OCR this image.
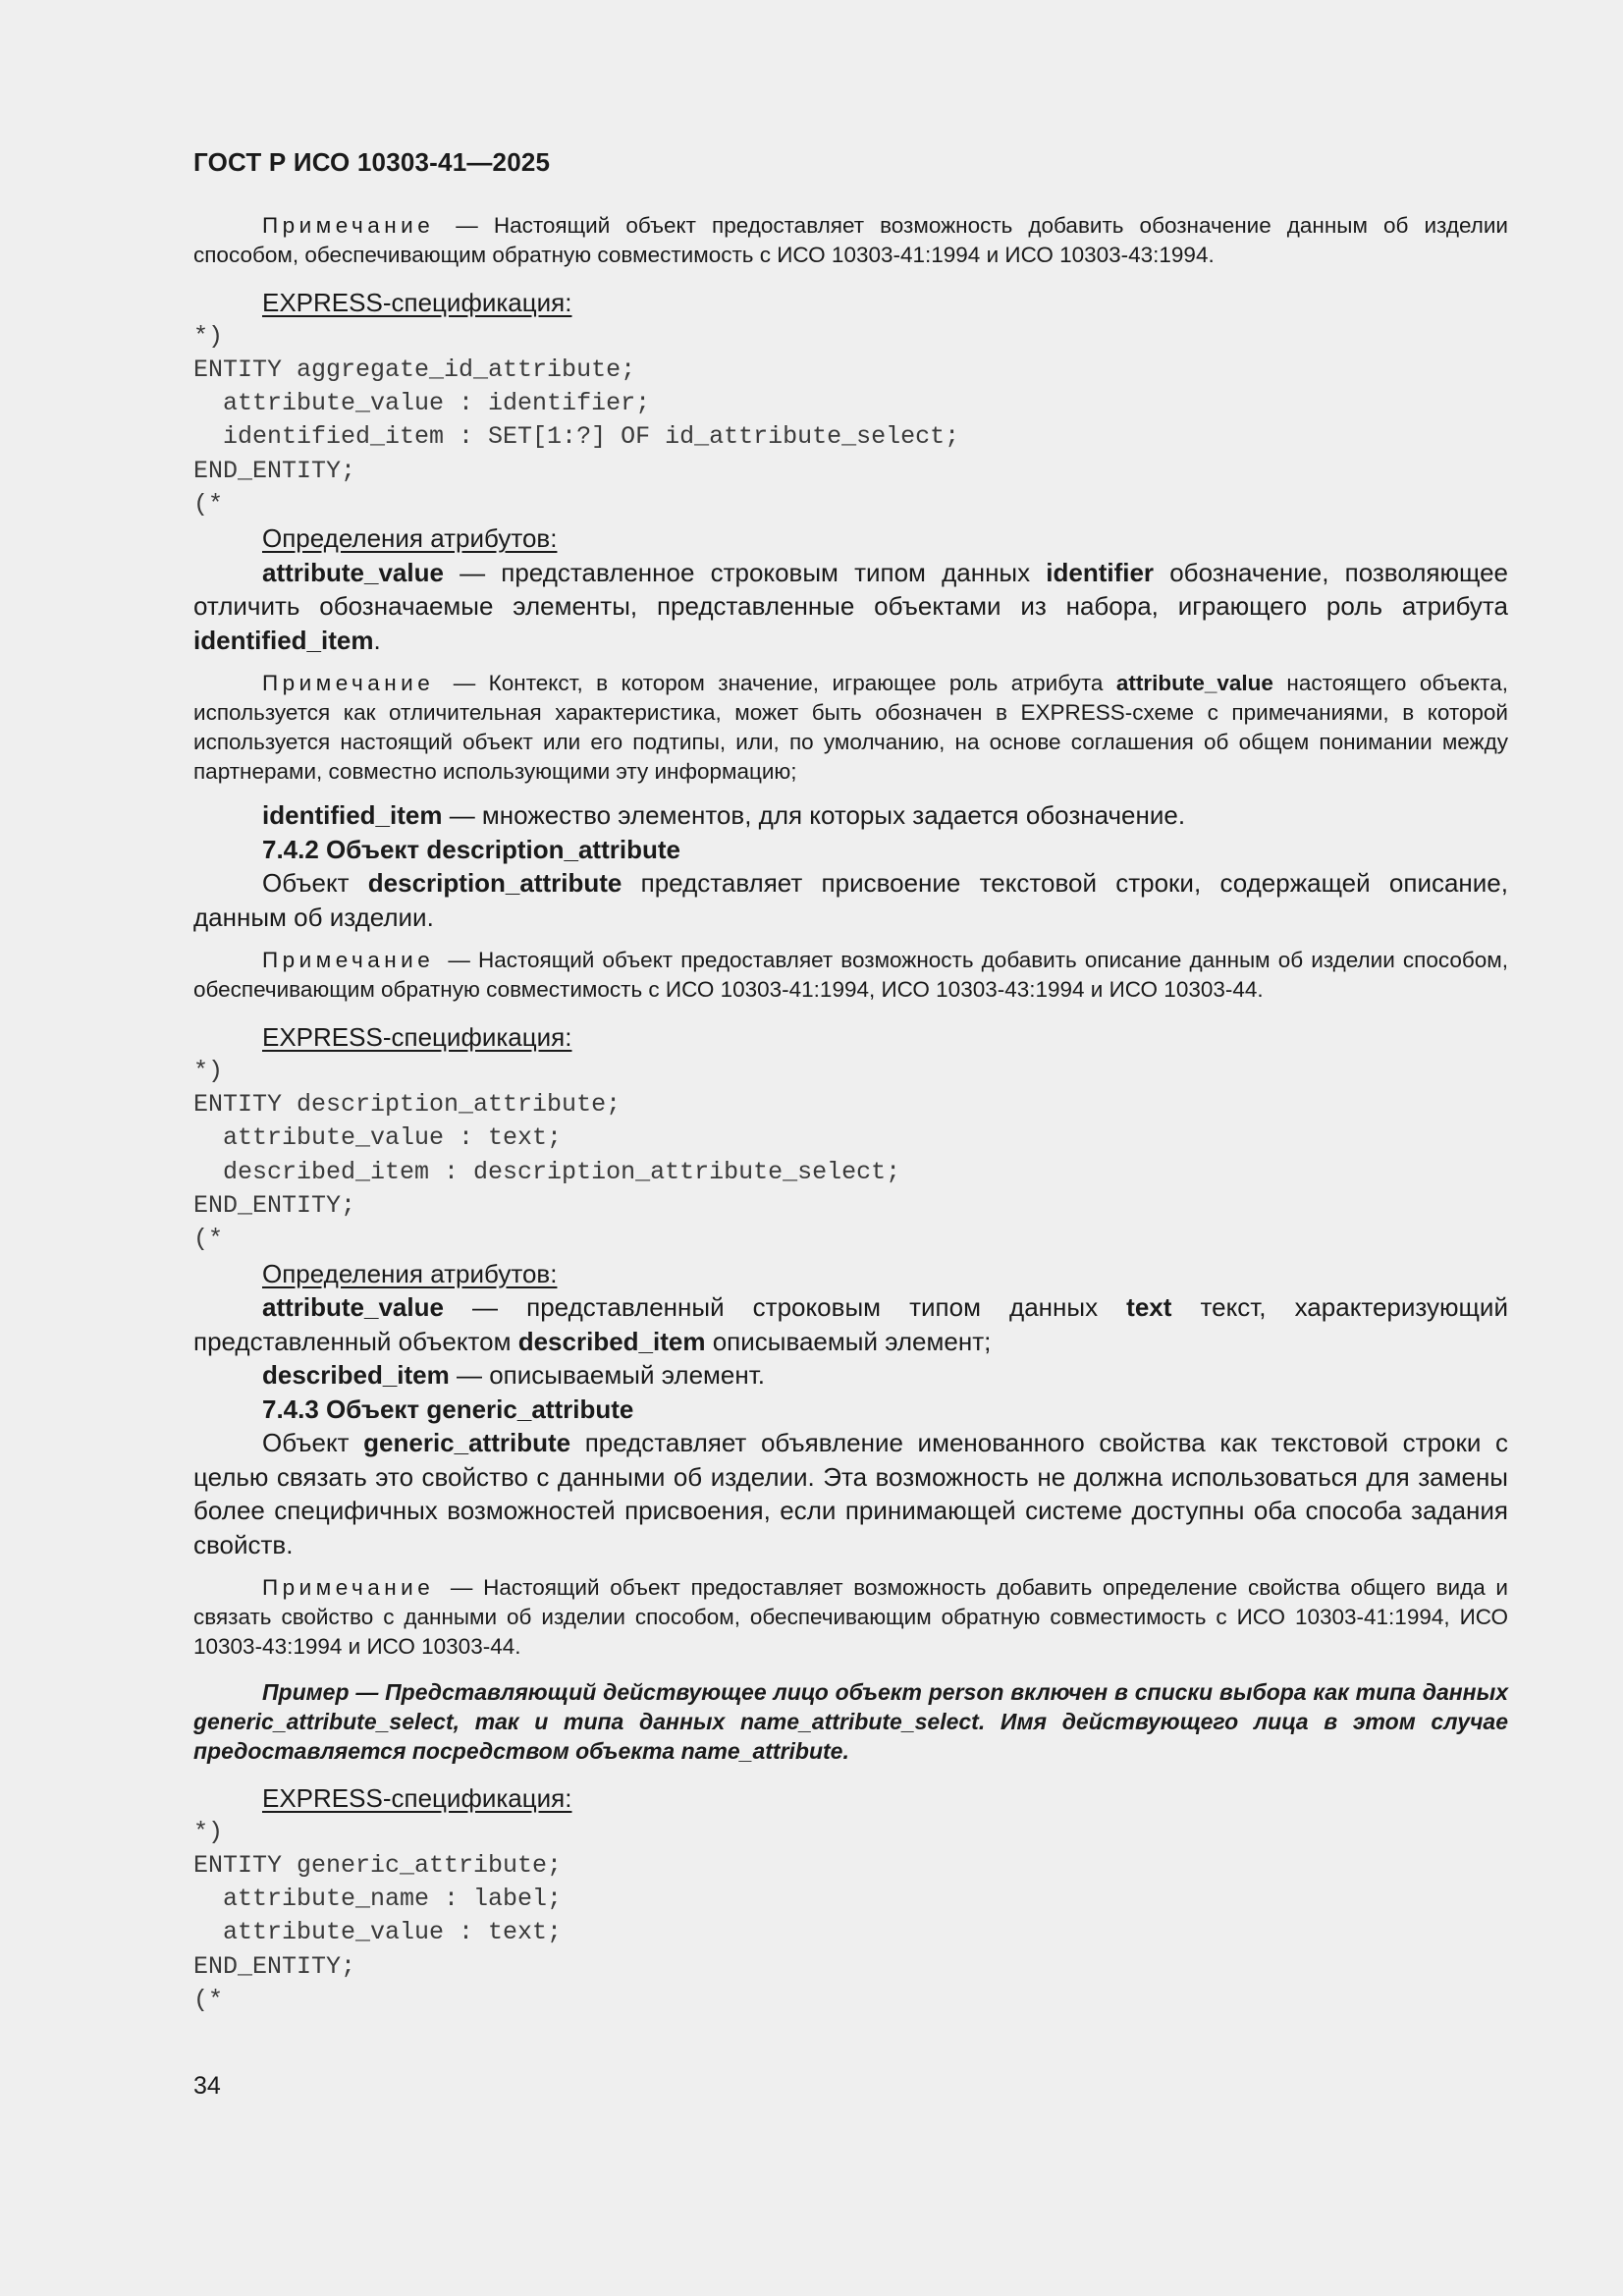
ГОСТ Р ИСО 10303-41—2025

Примечание — Настоящий объект предоставляет возможность добавить обозначение данным об изделии способом, обеспечивающим обратную совместимость с ИСО 10303-41:1994 и ИСО 10303-43:1994.

EXPRESS-спецификация:

*)
ENTITY aggregate_id_attribute;
attribute_value : identifier;
identified_item : SET[1:?] OF id_attribute_select;
END_ENTITY;
(*

Определения атрибутов:

attribute_value — представленное строковым типом данных identifier обозначение, позволяющее отличить обозначаемые элементы, представленные объектами из набора, играющего роль атрибута identified_item.

Примечание — Контекст, в котором значение, играющее роль атрибута attribute_value настоящего объекта, используется как отличительная характеристика, может быть обозначен в EXPRESS-схеме с примечаниями, в которой используется настоящий объект или его подтипы, или, по умолчанию, на основе соглашения об общем понимании между партнерами, совместно использующими эту информацию;

identified_item — множество элементов, для которых задается обозначение.

7.4.2 Объект description_attribute

Объект description_attribute представляет присвоение текстовой строки, содержащей описание, данным об изделии.

Примечание — Настоящий объект предоставляет возможность добавить описание данным об изделии способом, обеспечивающим обратную совместимость с ИСО 10303-41:1994, ИСО 10303-43:1994 и ИСО 10303-44.

EXPRESS-спецификация:

*)
ENTITY description_attribute;
attribute_value : text;
described_item : description_attribute_select;
END_ENTITY;
(*

Определения атрибутов:

attribute_value — представленный строковым типом данных text текст, характеризующий представленный объектом described_item описываемый элемент;

described_item — описываемый элемент.

7.4.3 Объект generic_attribute

Объект generic_attribute представляет объявление именованного свойства как текстовой строки с целью связать это свойство с данными об изделии. Эта возможность не должна использоваться для замены более специфичных возможностей присвоения, если принимающей системе доступны оба способа задания свойств.

Примечание — Настоящий объект предоставляет возможность добавить определение свойства общего вида и связать свойство с данными об изделии способом, обеспечивающим обратную совместимость с ИСО 10303-41:1994, ИСО 10303-43:1994 и ИСО 10303-44.

Пример — Представляющий действующее лицо объект person включен в списки выбора как типа данных generic_attribute_select, так и типа данных name_attribute_select. Имя действующего лица в этом случае предоставляется посредством объекта name_attribute.

EXPRESS-спецификация:

*)
ENTITY generic_attribute;
attribute_name : label;
attribute_value : text;
END_ENTITY;
(*
34
